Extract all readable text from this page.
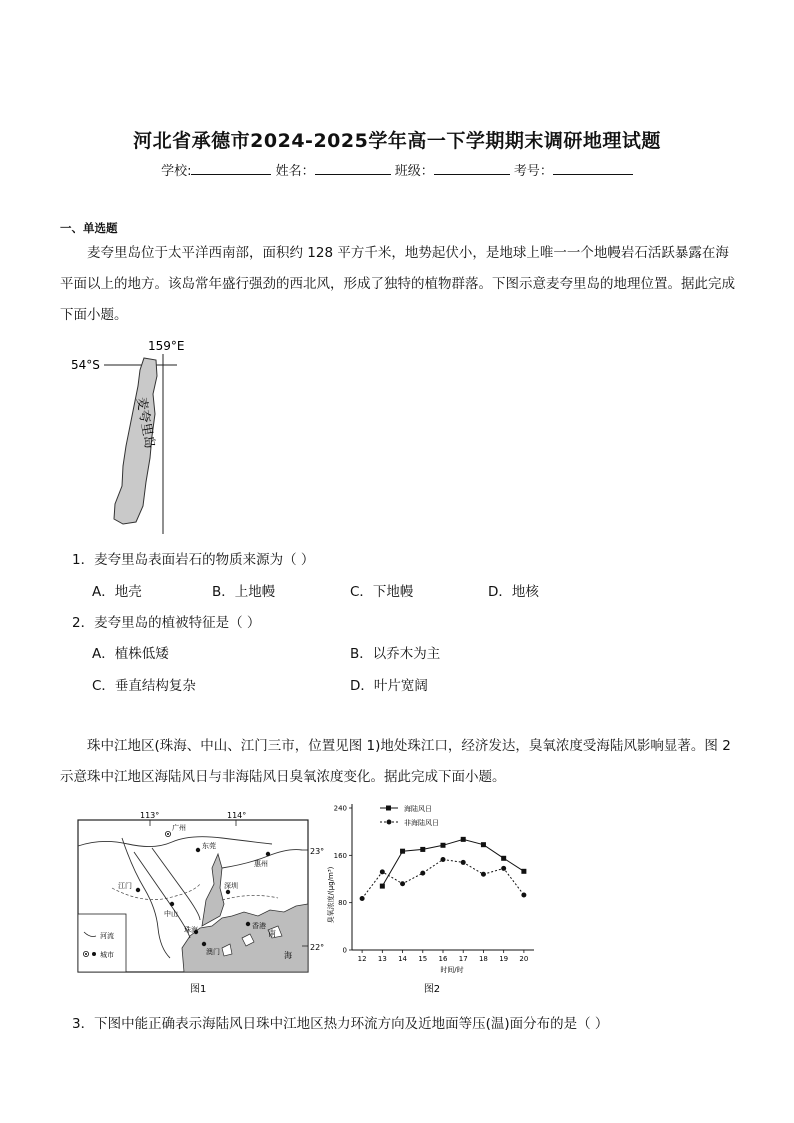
河北省承德市2024-2025学年高一下学期期末调研地理试题
学校:	姓名：	班级：	考号：
一、单选题
麦夸里岛位于太平洋西南部，面积约 128 平方千米，地势起伏小，是地球上唯一一个地幔岩石活跃暴露在海平面以上的地方。该岛常年盛行强劲的西北风，形成了独特的植物群落。下图示意麦夸里岛的地理位置。据此完成下面小题。
159°E
54°S
麦夸里岛
1．麦夸里岛表面岩石的物质来源为（ ）
A．地壳	B．上地幔	C．下地幔	D．地核
2．麦夸里岛的植被特征是（ ）
A．植株低矮	B．以乔木为主
C．垂直结构复杂	D．叶片宽阔
珠中江地区(珠海、中山、江门三市，位置见图 1)地处珠江口，经济发达，臭氧浓度受海陆风影响显著。图 2 示意珠中江地区海陆风日与非海陆风日臭氧浓度变化。据此完成下面小题。
113°	114°
23°
22°
广州
东莞
惠州
江门
中山
深圳
珠海
澳门
香港
南
海
河流
城市
图1
0
80
160
240
12 13 14 15 16 17 18 19 20
臭氧浓度/(μg/m³)
时间/时
图2
海陆风日
非海陆风日
3．下图中能正确表示海陆风日珠中江地区热力环流方向及近地面等压(温)面分布的是（ ）
